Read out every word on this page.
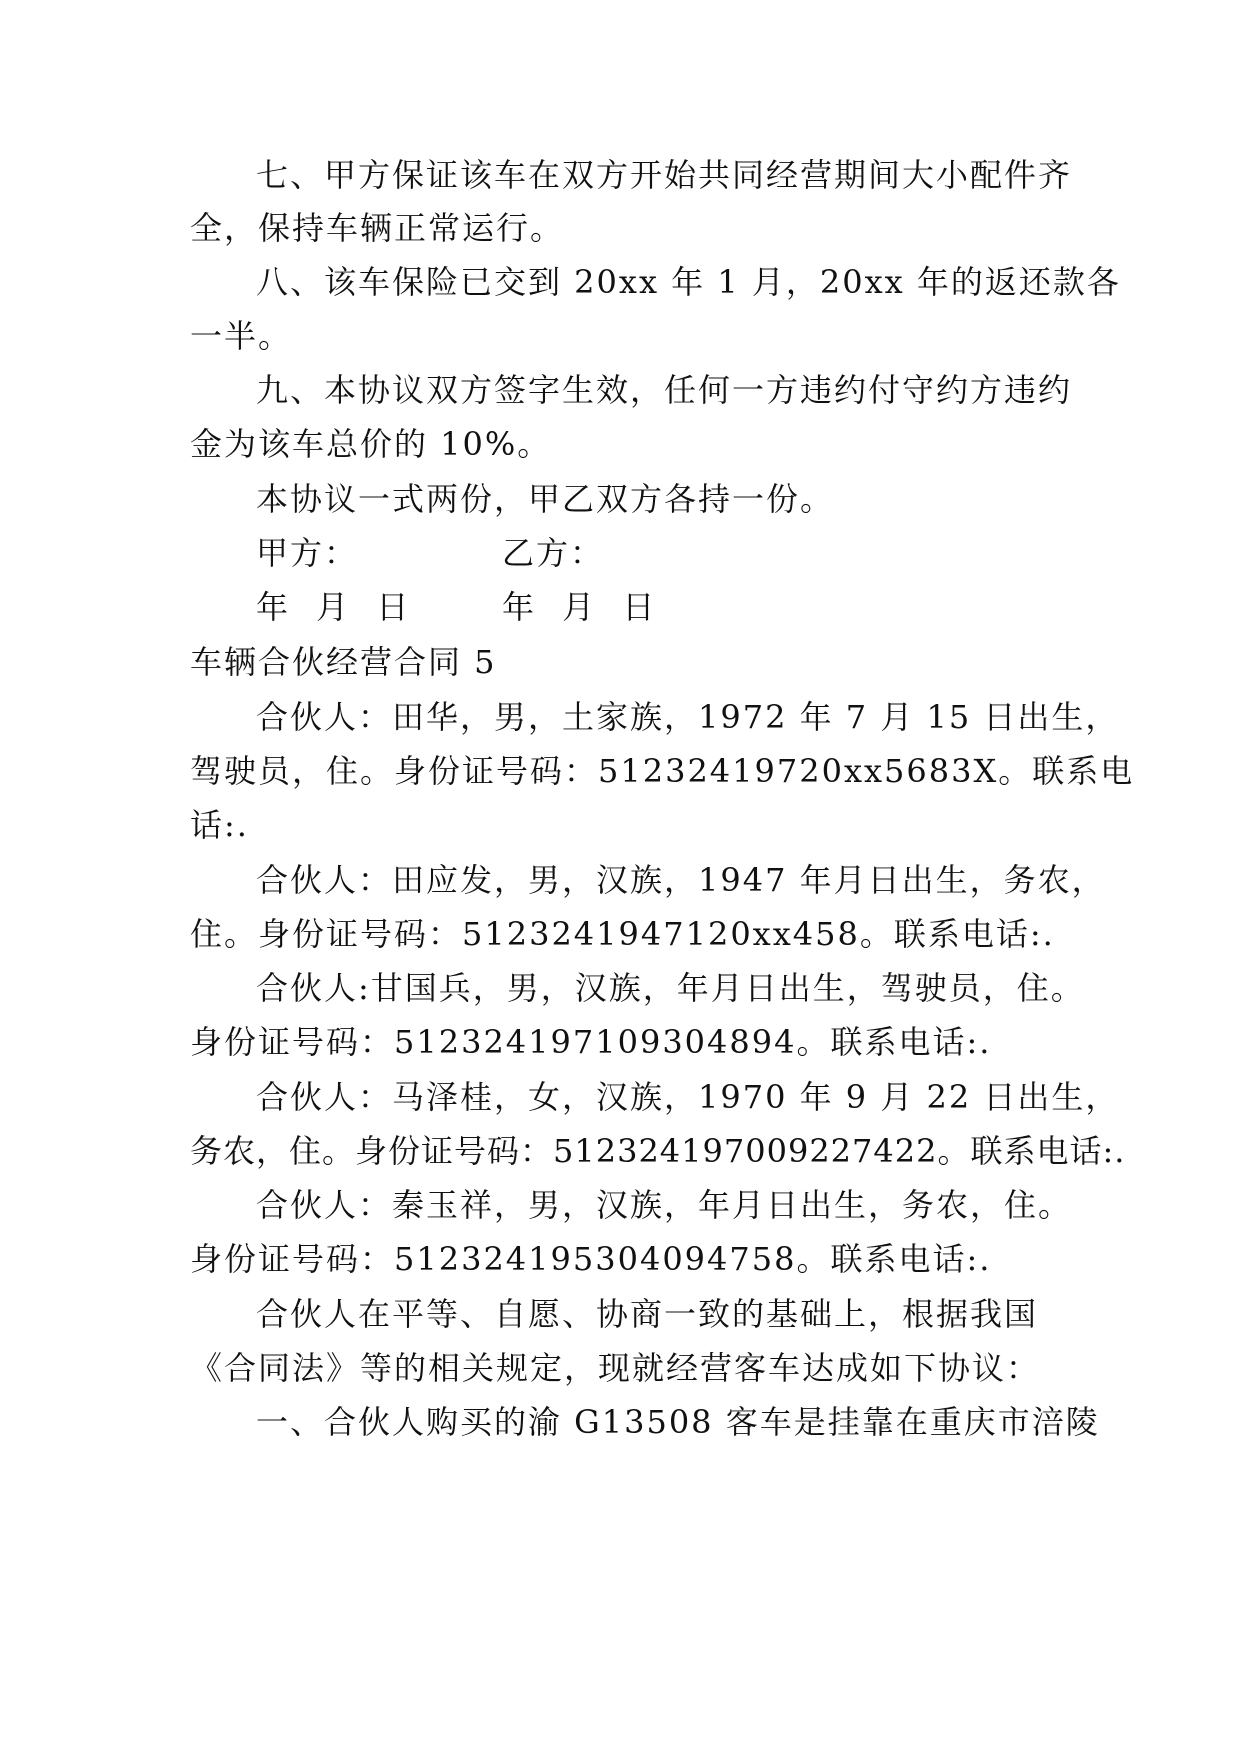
七、甲方保证该车在双方开始共同经营期间大小配件齐
全，保持车辆正常运行。
八、该车保险已交到 20xx 年 1 月，20xx 年的返还款各
一半。
九、本协议双方签字生效，任何一方违约付守约方违约
金为该车总价的 10%。
本协议一式两份，甲乙双方各持一份。
甲方：	乙方：
年 月 日	年 月 日
车辆合伙经营合同 5
合伙人：田华，男，土家族，1972 年 7 月 15 日出生，
驾驶员，住。身份证号码：51232419720xx5683X。联系电
话:.
合伙人：田应发，男，汉族，1947 年月日出生，务农，
住。身份证号码：5123241947120xx458。联系电话:.
合伙人:甘国兵，男，汉族，年月日出生，驾驶员，住。
身份证号码：512324197109304894。联系电话:.
合伙人：马泽桂，女，汉族，1970 年 9 月 22 日出生，
务农，住。身份证号码：512324197009227422。联系电话:.
合伙人：秦玉祥，男，汉族，年月日出生，务农，住。
身份证号码：512324195304094758。联系电话:.
合伙人在平等、自愿、协商一致的基础上，根据我国
《合同法》等的相关规定，现就经营客车达成如下协议：
一、合伙人购买的渝 G13508 客车是挂靠在重庆市涪陵
